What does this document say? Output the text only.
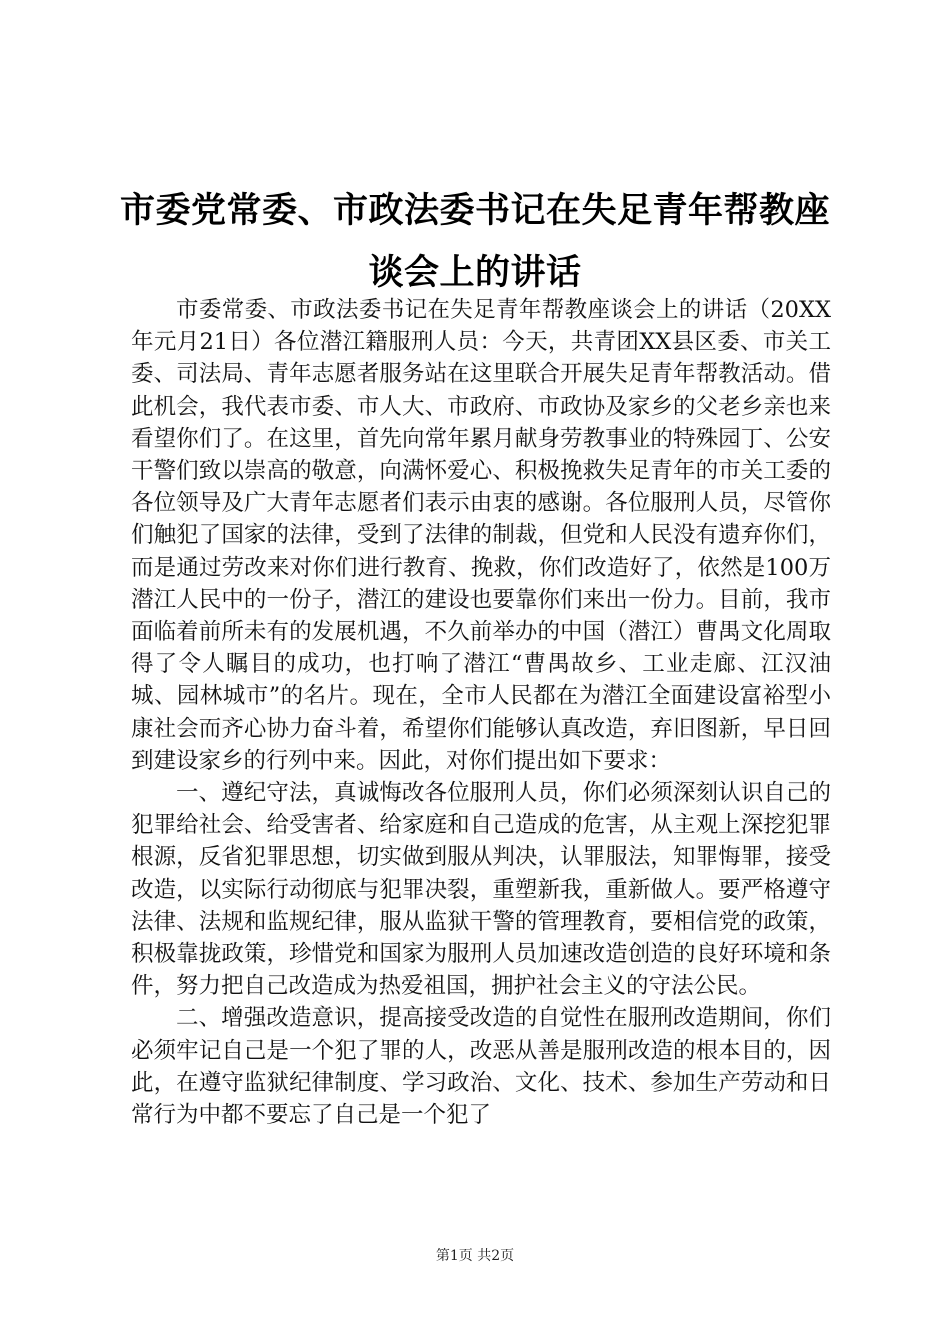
市委党常委、市政法委书记在失足青年帮教座
谈会上的讲话

市委常委、市政法委书记在失足青年帮教座谈会上的讲话（20XX年元月21日）各位潜江籍服刑人员：今天，共青团XX县区委、市关工委、司法局、青年志愿者服务站在这里联合开展失足青年帮教活动。借此机会，我代表市委、市人大、市政府、市政协及家乡的父老乡亲也来看望你们了。在这里，首先向常年累月献身劳教事业的特殊园丁、公安干警们致以崇高的敬意，向满怀爱心、积极挽救失足青年的市关工委的各位领导及广大青年志愿者们表示由衷的感谢。各位服刑人员，尽管你们触犯了国家的法律，受到了法律的制裁，但党和人民没有遗弃你们，而是通过劳改来对你们进行教育、挽救，你们改造好了，依然是100万潜江人民中的一份子，潜江的建设也要靠你们来出一份力。目前，我市面临着前所未有的发展机遇，不久前举办的中国（潜江）曹禺文化周取得了令人瞩目的成功，也打响了潜江“曹禺故乡、工业走廊、江汉油城、园林城市”的名片。现在，全市人民都在为潜江全面建设富裕型小康社会而齐心协力奋斗着，希望你们能够认真改造，弃旧图新，早日回到建设家乡的行列中来。因此，对你们提出如下要求：

一、遵纪守法，真诚悔改各位服刑人员，你们必须深刻认识自己的犯罪给社会、给受害者、给家庭和自己造成的危害，从主观上深挖犯罪根源，反省犯罪思想，切实做到服从判决，认罪服法，知罪悔罪，接受改造，以实际行动彻底与犯罪决裂，重塑新我，重新做人。要严格遵守法律、法规和监规纪律，服从监狱干警的管理教育，要相信党的政策，积极靠拢政策，珍惜党和国家为服刑人员加速改造创造的良好环境和条件，努力把自己改造成为热爱祖国，拥护社会主义的守法公民。

二、增强改造意识，提高接受改造的自觉性在服刑改造期间，你们必须牢记自己是一个犯了罪的人，改恶从善是服刑改造的根本目的，因此，在遵守监狱纪律制度、学习政治、文化、技术、参加生产劳动和日常行为中都不要忘了自己是一个犯了

第1页 共2页
